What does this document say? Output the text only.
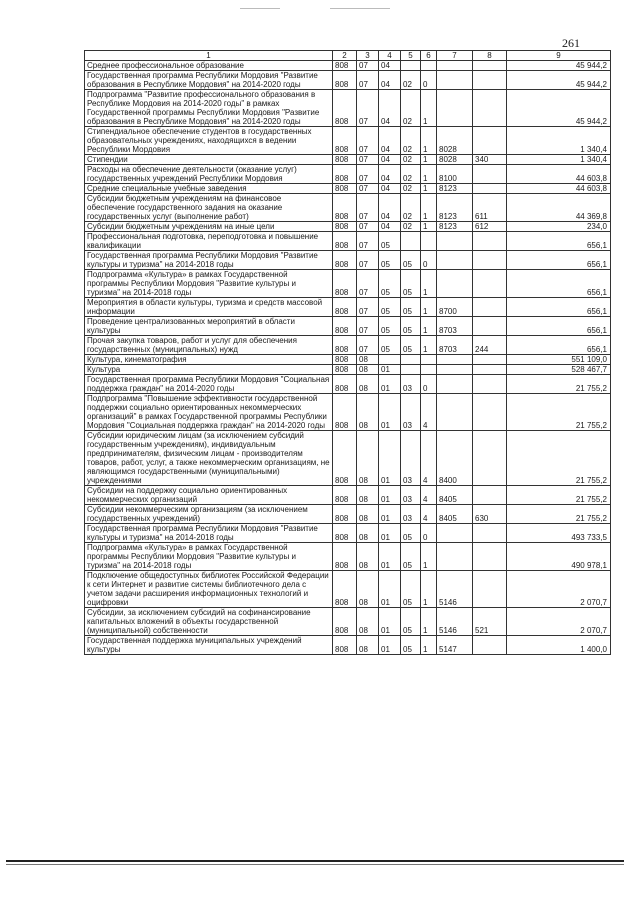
261
1	2	3	4	5	6	7	8	9
Среднее профессиональное образование	808	07	04					45 944,2
Государственная программа Республики Мордовия "Развитие образования в Республике Мордовия" на 2014-2020 годы	808	07	04	02	0			45 944,2
Подпрограмма "Развитие профессионального образования в Республике Мордовия на 2014-2020 годы" в рамках Государственной программы Республики Мордовия "Развитие образования в Республике Мордовия" на 2014-2020 годы	808	07	04	02	1			45 944,2
Стипендиальное обеспечение студентов в государственных образовательных учреждениях, находящихся в ведении Республики Мордовия	808	07	04	02	1	8028		1 340,4
Стипендии	808	07	04	02	1	8028	340	1 340,4
Расходы на обеспечение деятельности (оказание услуг) государственных учреждений Республики Мордовия	808	07	04	02	1	8100		44 603,8
Средние специальные учебные заведения	808	07	04	02	1	8123		44 603,8
Субсидии бюджетным учреждениям на финансовое обеспечение государственного задания на оказание государственных услуг (выполнение работ)	808	07	04	02	1	8123	611	44 369,8
Субсидии бюджетным учреждениям на иные цели	808	07	04	02	1	8123	612	234,0
Профессиональная подготовка, переподготовка и повышение квалификации	808	07	05					656,1
Государственная программа Республики Мордовия "Развитие культуры и туризма" на 2014-2018 годы	808	07	05	05	0			656,1
Подпрограмма «Культура» в рамках Государственной программы Республики Мордовия "Развитие культуры и туризма" на 2014-2018 годы	808	07	05	05	1			656,1
Мероприятия в области культуры, туризма и средств массовой информации	808	07	05	05	1	8700		656,1
Проведение централизованных мероприятий в области культуры	808	07	05	05	1	8703		656,1
Прочая закупка товаров, работ и услуг для обеспечения государственных (муниципальных) нужд	808	07	05	05	1	8703	244	656,1
Культура, кинематография	808	08						551 109,0
Культура	808	08	01					528 467,7
Государственная программа Республики Мордовия "Социальная поддержка граждан" на 2014-2020 годы	808	08	01	03	0			21 755,2
Подпрограмма "Повышение эффективности государственной поддержки социально ориентированных некоммерческих организаций" в рамках Государственной программы Республики Мордовия "Социальная поддержка граждан" на 2014-2020 годы	808	08	01	03	4			21 755,2
Субсидии юридическим лицам (за исключением субсидий государственным учреждениям), индивидуальным предпринимателям, физическим лицам - производителям товаров, работ, услуг, а также некоммерческим организациям, не являющимся государственными (муниципальными) учреждениями	808	08	01	03	4	8400		21 755,2
Субсидии на поддержку социально ориентированных некоммерческих организаций	808	08	01	03	4	8405		21 755,2
Субсидии некоммерческим организациям (за исключением государственных учреждений)	808	08	01	03	4	8405	630	21 755,2
Государственная программа Республики Мордовия "Развитие культуры и туризма" на 2014-2018 годы	808	08	01	05	0			493 733,5
Подпрограмма «Культура» в рамках Государственной программы Республики Мордовия "Развитие культуры и туризма" на 2014-2018 годы	808	08	01	05	1			490 978,1
Подключение общедоступных библиотек Российской Федерации к сети Интернет и развитие системы библиотечного дела с учетом задачи расширения информационных технологий и оцифровки	808	08	01	05	1	5146		2 070,7
Субсидии, за исключением субсидий на софинансирование капитальных вложений в объекты государственной (муниципальной) собственности	808	08	01	05	1	5146	521	2 070,7
Государственная поддержка муниципальных учреждений культуры	808	08	01	05	1	5147		1 400,0
